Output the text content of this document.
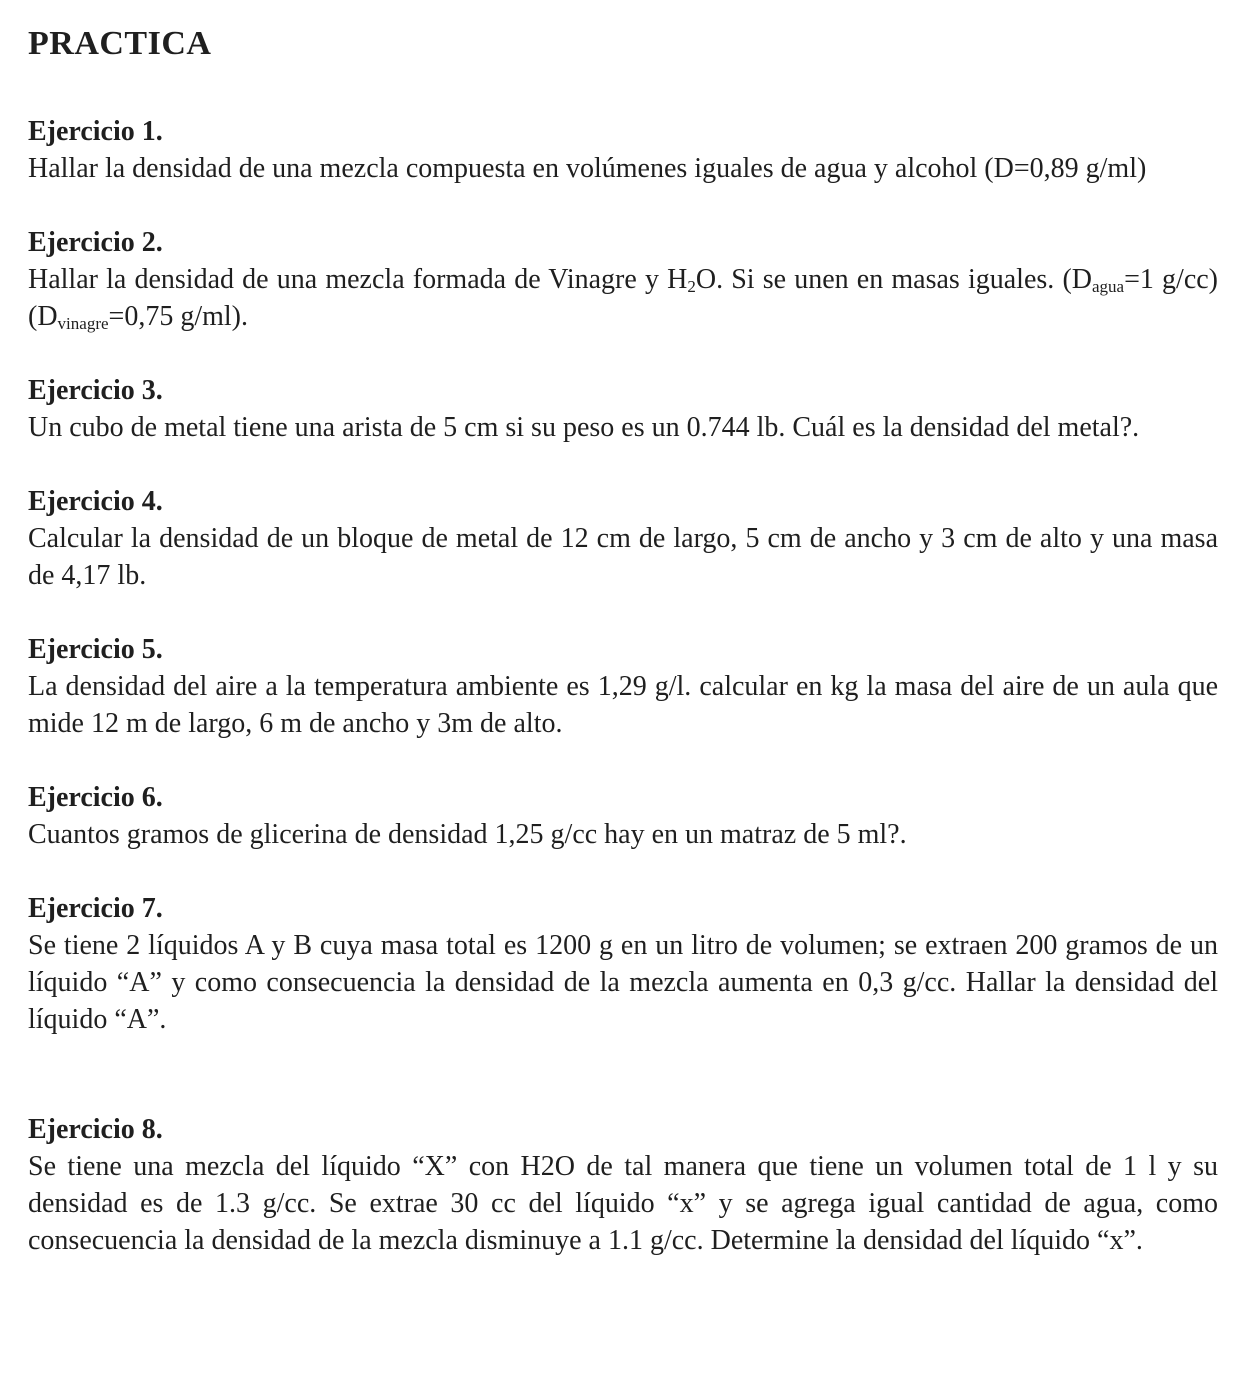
PRACTICA

Ejercicio 1.

Hallar la densidad de una mezcla compuesta en volúmenes iguales de agua y alcohol (D=0,89 g/ml)

Ejercicio 2.

Hallar la densidad de una mezcla formada de Vinagre y $H_2O$. Si se unen en masas iguales. ($D_{agua}=1$ $g/cc)(D_{vinagre}=0,75$ g/ml).

Ejercicio 3.

Un cubo de metal tiene una arista de 5 cm si su peso es un 0.744 lb. Cuál es la densidad del metal?.

Ejercicio 4.

Calcular la densidad de un bloque de metal de 12 cm de largo, 5 cm de ancho y 3 cm de alto y una masa de 4,17 lb.

Ejercicio 5.

La densidad del aire a la temperatura ambiente es 1,29 g/l. calcular en kg la masa del aire de un aula que mide 12 m de largo, 6 m de ancho y 3m de alto.

Ejercicio 6.

Cuantos gramos de glicerina de densidad 1,25 g/cc hay en un matraz de 5 ml?.

Ejercicio 7.

Se tiene 2 líquidos A y B cuya masa total es 1200 g en un litro de volumen; se extraen 200 gramos de un líquido “A” y como consecuencia la densidad de la mezcla aumenta en 0,3 g/cc. Hallar la densidad del líquido “A”.

Ejercicio 8.

Se tiene una mezcla del líquido “X” con H2O de tal manera que tiene un volumen total de 1 l y su densidad es de 1.3 g/cc. Se extrae 30 cc del líquido “x” y se agrega igual cantidad de agua, como consecuencia la densidad de la mezcla disminuye a 1.1 g/cc. Determine la densidad del líquido “x”.
